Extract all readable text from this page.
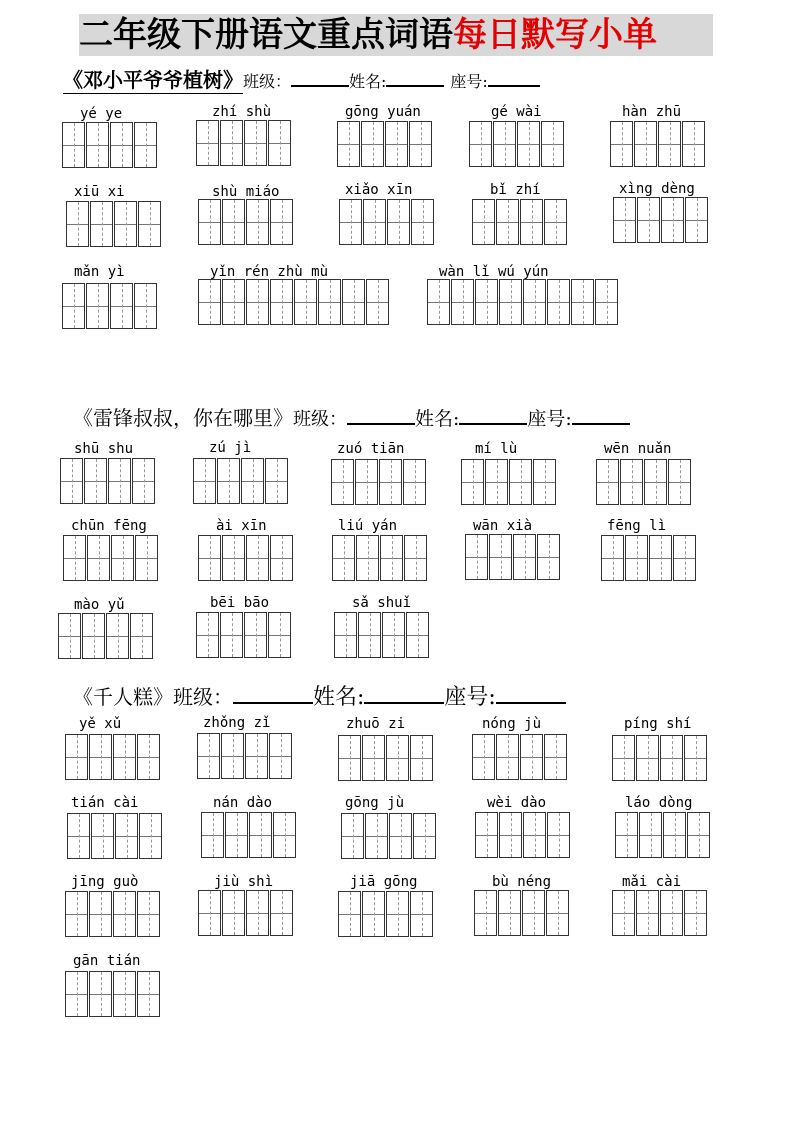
二年级下册语文重点词语每日默写小单
《邓小平爷爷植树》班级：	姓名:	座号:
《雷锋叔叔，你在哪里》班级：	姓名:	座号:
《千人糕》班级：	姓名:	座号:
yé ye	zhí shù	gōng yuán	gé wài	hàn zhū
xiū xi	shù miáo	xiǎo xīn	bǐ zhí	xìng dèng
mǎn yì	yǐn rén zhù mù	wàn lǐ wú yún
shū shu	zú jì	zuó tiān	mí lù	wēn nuǎn
chūn fēng	ài xīn	liú yán	wān xià	fēng lì
mào yǔ	bēi bāo	sǎ shuǐ
yě xǔ	zhǒng zǐ	zhuō zi	nóng jù	píng shí
tián cài	nán dào	gōng jù	wèi dào	láo dòng
jīng guò	jiù shì	jiā gōng	bù néng	mǎi cài
gān tián
